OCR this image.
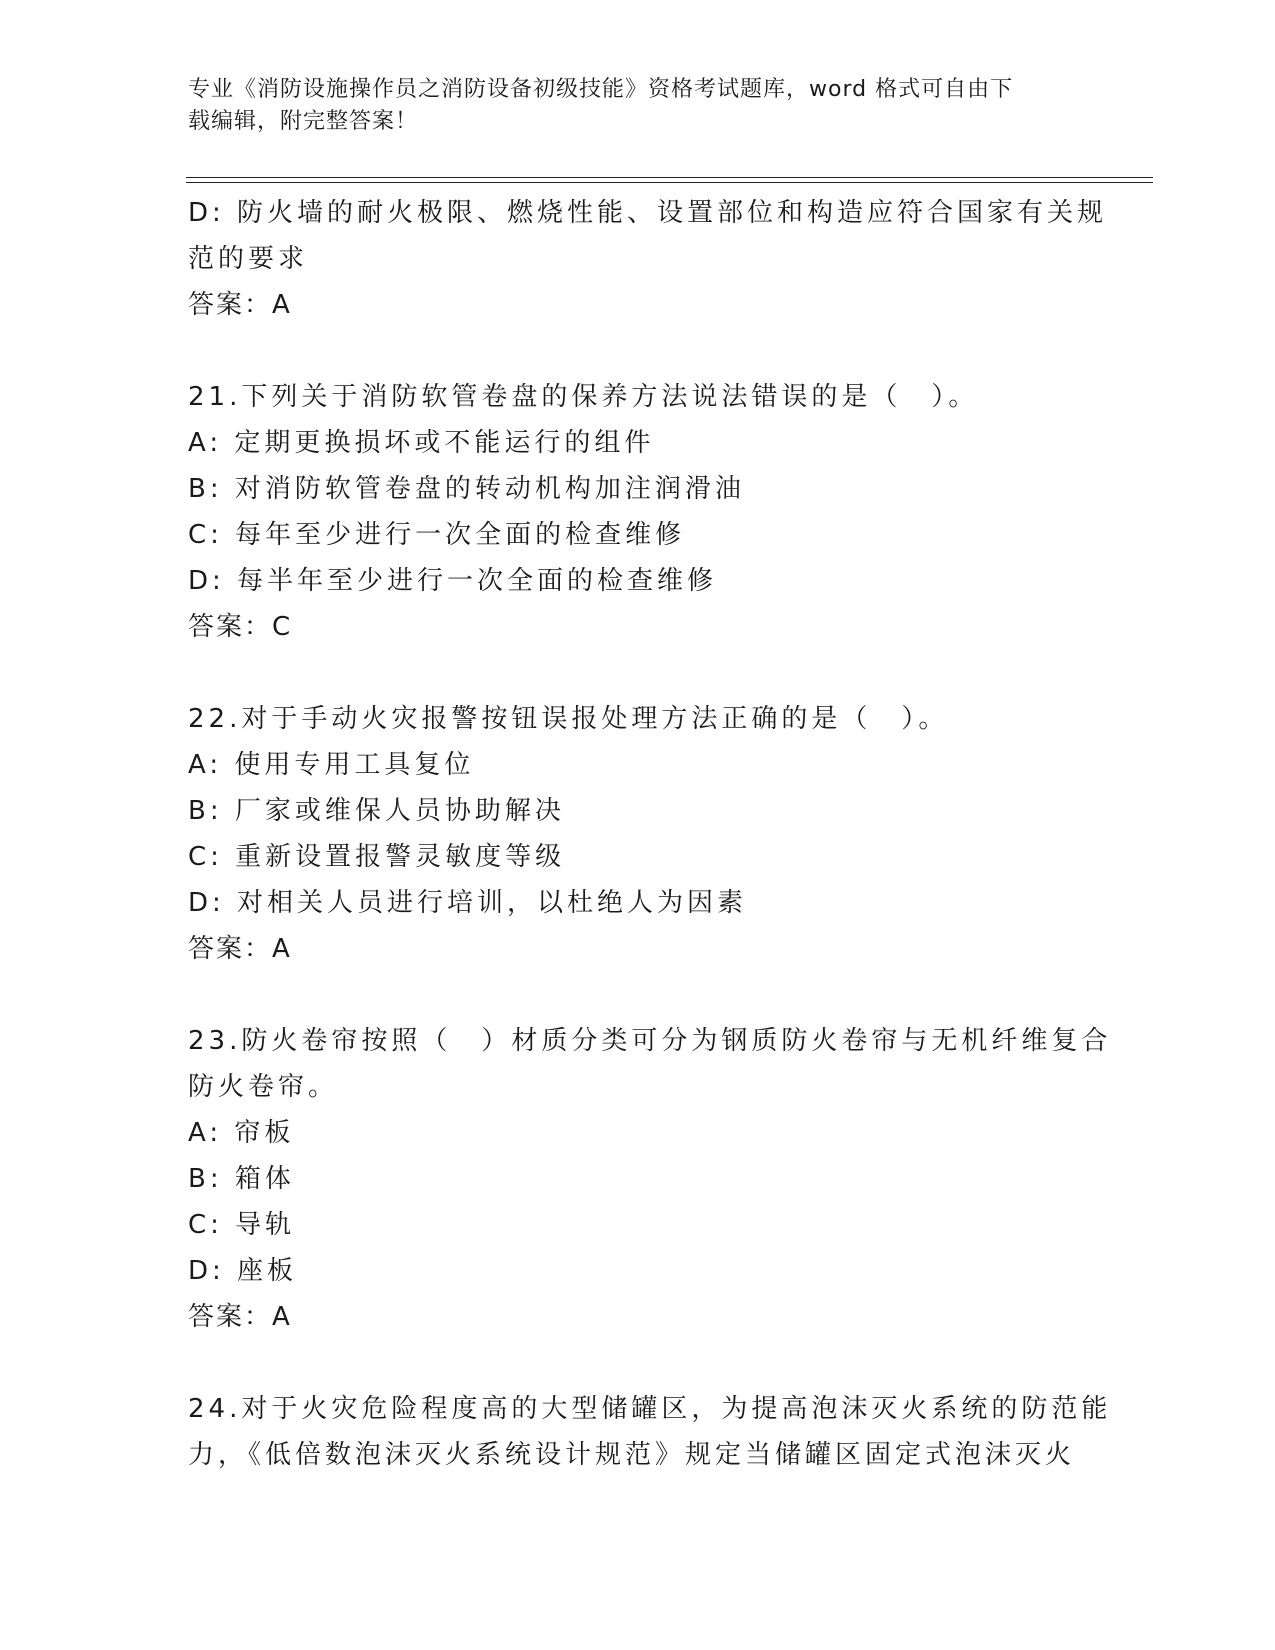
专业《消防设施操作员之消防设备初级技能》资格考试题库，word 格式可自由下
载编辑，附完整答案！
D: 防火墙的耐火极限、燃烧性能、设置部位和构造应符合国家有关规
范的要求
答案：A
21.下列关于消防软管卷盘的保养方法说法错误的是（　）。
A: 定期更换损坏或不能运行的组件
B: 对消防软管卷盘的转动机构加注润滑油
C: 每年至少进行一次全面的检查维修
D: 每半年至少进行一次全面的检查维修
答案：C
22.对于手动火灾报警按钮误报处理方法正确的是（　）。
A: 使用专用工具复位
B: 厂家或维保人员协助解决
C: 重新设置报警灵敏度等级
D: 对相关人员进行培训，以杜绝人为因素
答案：A
23.防火卷帘按照（　）材质分类可分为钢质防火卷帘与无机纤维复合
防火卷帘。
A: 帘板
B: 箱体
C: 导轨
D: 座板
答案：A
24.对于火灾危险程度高的大型储罐区，为提高泡沫灭火系统的防范能
力，《低倍数泡沫灭火系统设计规范》规定当储罐区固定式泡沫灭火
